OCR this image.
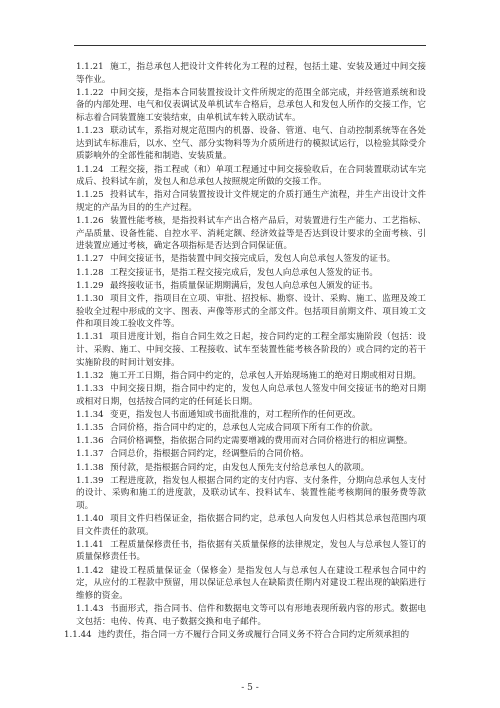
1.1.21 施工，指总承包人把设计文件转化为工程的过程，包括土建、安装及通过中间交接等作业。

1.1.22 中间交接，是指本合同装置按设计文件所规定的范围全部完成，并经管道系统和设备的内部处理、电气和仪表调试及单机试车合格后，总承包人和发包人所作的交接工作，它标志着合同装置施工安装结束，由单机试车转入联动试车。

1.1.23 联动试车，系指对规定范围内的机器、设备、管道、电气、自动控制系统等在各处达到试车标准后，以水、空气、部分实物料等为介质所进行的模拟试运行，以检验其除受介质影响外的全部性能和制造、安装质量。

1.1.24 工程交接，指工程或（和）单项工程通过中间交接验收后，在合同装置联动试车完成后、投料试车前，发包人和总承包人按照规定所做的交接工作。

1.1.25 投料试车，指对合同装置按设计文件规定的介质打通生产流程，并生产出设计文件规定的产品为目的的生产过程。

1.1.26 装置性能考核，是指投料试车产出合格产品后，对装置进行生产能力、工艺指标、产品质量、设备性能、自控水平、消耗定额、经济效益等是否达到设计要求的全面考核、引进装置应通过考核，确定各项指标是否达到合同保证值。

1.1.27 中间交接证书，是指装置中间交接完成后，发包人向总承包人签发的证书。

1.1.28 工程交接证书，是指工程交接完成后，发包人向总承包人签发的证书。

1.1.29 最终接收证书，指质量保证期期满后，发包人向总承包人颁发的证书。

1.1.30 项目文件，指项目在立项、审批、招投标、勘察、设计、采购、施工、监理及竣工验收全过程中形成的文字、图表、声像等形式的全部文件。包括项目前期文件、项目竣工文件和项目竣工验收文件等。

1.1.31 项目进度计划，指自合同生效之日起，按合同约定的工程全部实施阶段（包括：设计、采购、施工、中间交接、工程接收、试车至装置性能考核各阶段的）或合同约定的若干实施阶段的时间计划安排。

1.1.32 施工开工日期，指合同中约定的，总承包人开始现场施工的绝对日期或相对日期。

1.1.33 中间交接日期，指合同中约定的，发包人向总承包人签发中间交接证书的绝对日期或相对日期，包括按合同约定的任何延长日期。

1.1.34 变更，指发包人书面通知或书面批准的，对工程所作的任何更改。

1.1.35 合同价格，指合同中约定的，总承包人完成合同项下所有工作的价款。

1.1.36 合同价格调整，指依据合同约定需要增减的费用而对合同价格进行的相应调整。

1.1.37 合同总价，指根据合同约定，经调整后的合同价格。

1.1.38 预付款，是指根据合同约定，由发包人预先支付给总承包人的款项。

1.1.39 工程进度款，指发包人根据合同约定的支付内容、支付条件，分期向总承包人支付的设计、采购和施工的进度款，及联动试车、投料试车、装置性能考核期间的服务费等款项。

1.1.40 项目文件归档保证金，指依据合同约定，总承包人向发包人归档其总承包范围内项目文件责任的款项。

1.1.41 工程质量保修责任书，指依据有关质量保修的法律规定，发包人与总承包人签订的质量保修责任书。

1.1.42 建设工程质量保证金（保修金）是指发包人与总承包人在建设工程承包合同中约定，从应付的工程款中预留，用以保证总承包人在缺陷责任期内对建设工程出现的缺陷进行维修的资金。

1.1.43 书面形式，指合同书、信件和数据电文等可以有形地表现所载内容的形式。数据电文包括：电传、传真、电子数据交换和电子邮件。

1.1.44 违约责任，指合同一方不履行合同义务或履行合同义务不符合合同约定所须承担的

- 5 -
